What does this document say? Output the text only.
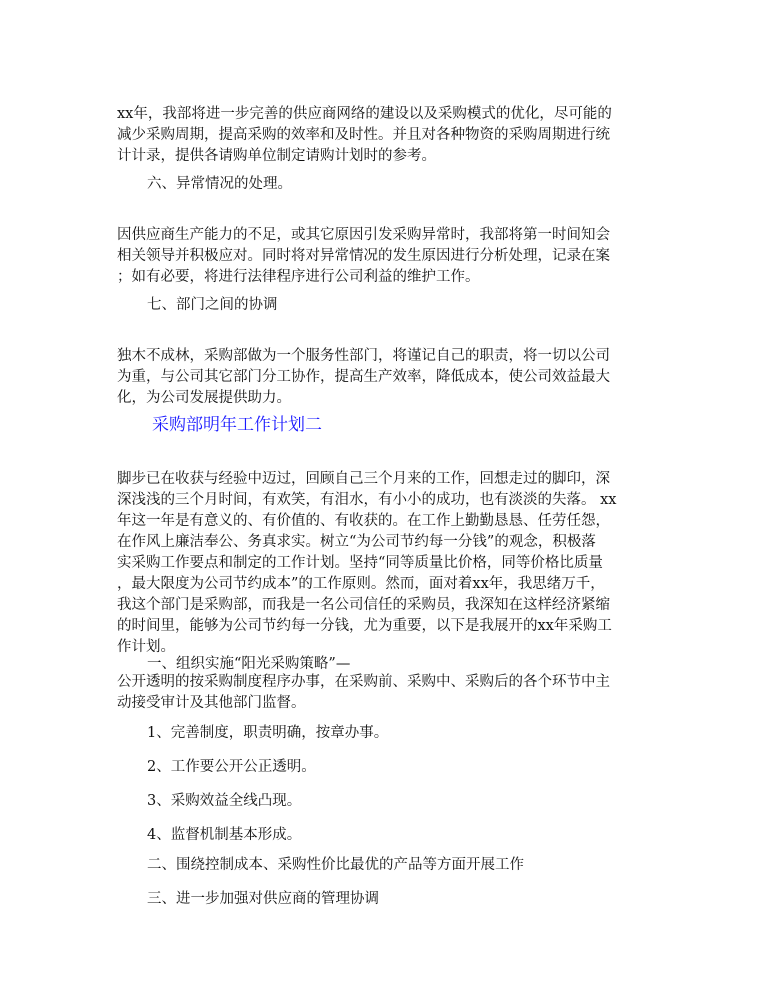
xx年，我部将进一步完善的供应商网络的建设以及采购模式的优化，尽可能的
减少采购周期，提高采购的效率和及时性。并且对各种物资的采购周期进行统
计计录，提供各请购单位制定请购计划时的参考。

六、异常情况的处理。

因供应商生产能力的不足，或其它原因引发采购异常时，我部将第一时间知会
相关领导并积极应对。同时将对异常情况的发生原因进行分析处理，记录在案
；如有必要，将进行法律程序进行公司利益的维护工作。

七、部门之间的协调

独木不成林，采购部做为一个服务性部门，将谨记自己的职责，将一切以公司
为重，与公司其它部门分工协作，提高生产效率，降低成本，使公司效益最大
化，为公司发展提供助力。

采购部明年工作计划二

脚步已在收获与经验中迈过，回顾自己三个月来的工作，回想走过的脚印，深
深浅浅的三个月时间，有欢笑，有泪水，有小小的成功，也有淡淡的失落。 xx
年这一年是有意义的、有价值的、有收获的。在工作上勤勤恳恳、任劳任怨，
在作风上廉洁奉公、务真求实。树立“为公司节约每一分钱”的观念，积极落
实采购工作要点和制定的工作计划。坚持“同等质量比价格，同等价格比质量
，最大限度为公司节约成本”的工作原则。然而，面对着xx年，我思绪万千，
我这个部门是采购部，而我是一名公司信任的采购员，我深知在这样经济紧缩
的时间里，能够为公司节约每一分钱，尤为重要，以下是我展开的xx年采购工
作计划。

一、组织实施“阳光采购策略”—

公开透明的按采购制度程序办事，在采购前、采购中、采购后的各个环节中主
动接受审计及其他部门监督。

1、完善制度，职责明确，按章办事。

2、工作要公开公正透明。

3、采购效益全线凸现。

4、监督机制基本形成。

二、围绕控制成本、采购性价比最优的产品等方面开展工作

三、进一步加强对供应商的管理协调
